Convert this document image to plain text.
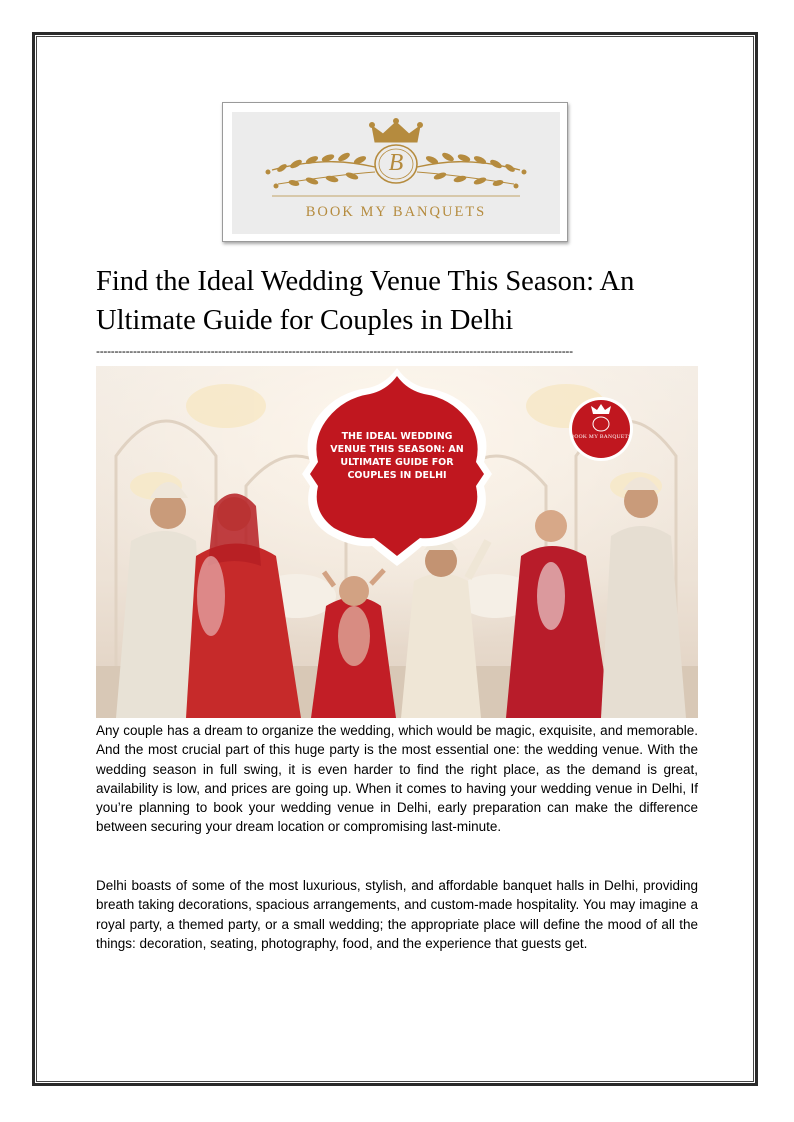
B
BOOK MY BANQUETS
Find the Ideal Wedding Venue This Season: An Ultimate Guide for Couples in Delhi
---------------------------------------------------------------------------------------------------------------------------------
THE IDEAL WEDDING VENUE THIS SEASON: AN ULTIMATE GUIDE FOR COUPLES IN DELHI
BOOK MY BANQUETS

Any couple has a dream to organize the wedding, which would be magic, exquisite, and memorable. And the most crucial part of this huge party is the most essential one: the wedding venue. With the wedding season in full swing, it is even harder to find the right place, as the demand is great, availability is low, and prices are going up. When it comes to having your wedding venue in Delhi, If you’re planning to book your wedding venue in Delhi, early preparation can make the difference between securing your dream location or compromising last-minute.

Delhi boasts of some of the most luxurious, stylish, and affordable banquet halls in Delhi, providing breath taking decorations, spacious arrangements, and custom-made hospitality. You may imagine a royal party, a themed party, or a small wedding; the appropriate place will define the mood of all the things: decoration, seating, photography, food, and the experience that guests get.
